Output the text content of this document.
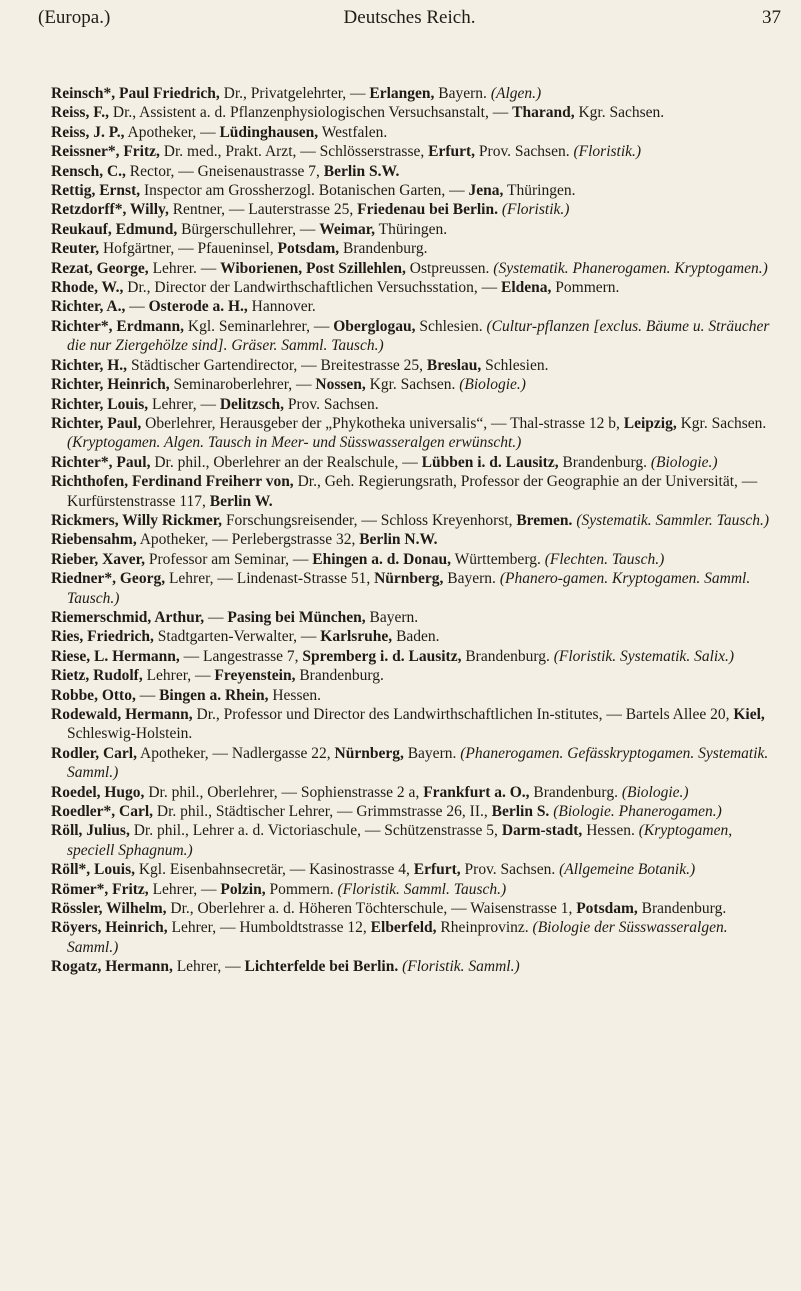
(Europa.)	Deutsches Reich.	37

Reinsch*, Paul Friedrich, Dr., Privatgelehrter, — Erlangen, Bayern. (Algen.)

Reiss, F., Dr., Assistent a. d. Pflanzenphysiologischen Versuchsanstalt, — Tharand, Kgr. Sachsen.

Reiss, J. P., Apotheker, — Lüdinghausen, Westfalen.

Reissner*, Fritz, Dr. med., Prakt. Arzt, — Schlösserstrasse, Erfurt, Prov. Sachsen. (Floristik.)

Rensch, C., Rector, — Gneisenaustrasse 7, Berlin S.W.

Rettig, Ernst, Inspector am Grossherzogl. Botanischen Garten, — Jena, Thüringen.

Retzdorff*, Willy, Rentner, — Lauterstrasse 25, Friedenau bei Berlin. (Floristik.)

Reukauf, Edmund, Bürgerschullehrer, — Weimar, Thüringen.

Reuter, Hofgärtner, — Pfaueninsel, Potsdam, Brandenburg.

Rezat, George, Lehrer. — Wiborienen, Post Szillehlen, Ostpreussen. (Systematik. Phanerogamen. Kryptogamen.)

Rhode, W., Dr., Director der Landwirthschaftlichen Versuchsstation, — Eldena, Pommern.

Richter, A., — Osterode a. H., Hannover.

Richter*, Erdmann, Kgl. Seminarlehrer, — Oberglogau, Schlesien. (Cultur-pflanzen [exclus. Bäume u. Sträucher die nur Ziergehölze sind]. Gräser. Samml. Tausch.)

Richter, H., Städtischer Gartendirector, — Breitestrasse 25, Breslau, Schlesien.

Richter, Heinrich, Seminaroberlehrer, — Nossen, Kgr. Sachsen. (Biologie.)

Richter, Louis, Lehrer, — Delitzsch, Prov. Sachsen.

Richter, Paul, Oberlehrer, Herausgeber der „Phykotheka universalis“, — Thal-strasse 12 b, Leipzig, Kgr. Sachsen. (Kryptogamen. Algen. Tausch in Meer- und Süsswasseralgen erwünscht.)

Richter*, Paul, Dr. phil., Oberlehrer an der Realschule, — Lübben i. d. Lausitz, Brandenburg. (Biologie.)

Richthofen, Ferdinand Freiherr von, Dr., Geh. Regierungsrath, Professor der Geographie an der Universität, — Kurfürstenstrasse 117, Berlin W.

Rickmers, Willy Rickmer, Forschungsreisender, — Schloss Kreyenhorst, Bremen. (Systematik. Sammler. Tausch.)

Riebensahm, Apotheker, — Perlebergstrasse 32, Berlin N.W.

Rieber, Xaver, Professor am Seminar, — Ehingen a. d. Donau, Württemberg. (Flechten. Tausch.)

Riedner*, Georg, Lehrer, — Lindenast-Strasse 51, Nürnberg, Bayern. (Phanero-gamen. Kryptogamen. Samml. Tausch.)

Riemerschmid, Arthur, — Pasing bei München, Bayern.

Ries, Friedrich, Stadtgarten-Verwalter, — Karlsruhe, Baden.

Riese, L. Hermann, — Langestrasse 7, Spremberg i. d. Lausitz, Brandenburg. (Floristik. Systematik. Salix.)

Rietz, Rudolf, Lehrer, — Freyenstein, Brandenburg.

Robbe, Otto, — Bingen a. Rhein, Hessen.

Rodewald, Hermann, Dr., Professor und Director des Landwirthschaftlichen In-stitutes, — Bartels Allee 20, Kiel, Schleswig-Holstein.

Rodler, Carl, Apotheker, — Nadlergasse 22, Nürnberg, Bayern. (Phanerogamen. Gefässkryptogamen. Systematik. Samml.)

Roedel, Hugo, Dr. phil., Oberlehrer, — Sophienstrasse 2 a, Frankfurt a. O., Brandenburg. (Biologie.)

Roedler*, Carl, Dr. phil., Städtischer Lehrer, — Grimmstrasse 26, II., Berlin S. (Biologie. Phanerogamen.)

Röll, Julius, Dr. phil., Lehrer a. d. Victoriaschule, — Schützenstrasse 5, Darm-stadt, Hessen. (Kryptogamen, speciell Sphagnum.)

Röll*, Louis, Kgl. Eisenbahnsecretär, — Kasinostrasse 4, Erfurt, Prov. Sachsen. (Allgemeine Botanik.)

Römer*, Fritz, Lehrer, — Polzin, Pommern. (Floristik. Samml. Tausch.)

Rössler, Wilhelm, Dr., Oberlehrer a. d. Höheren Töchterschule, — Waisenstrasse 1, Potsdam, Brandenburg.

Röyers, Heinrich, Lehrer, — Humboldtstrasse 12, Elberfeld, Rheinprovinz. (Biologie der Süsswasseralgen. Samml.)

Rogatz, Hermann, Lehrer, — Lichterfelde bei Berlin. (Floristik. Samml.)
